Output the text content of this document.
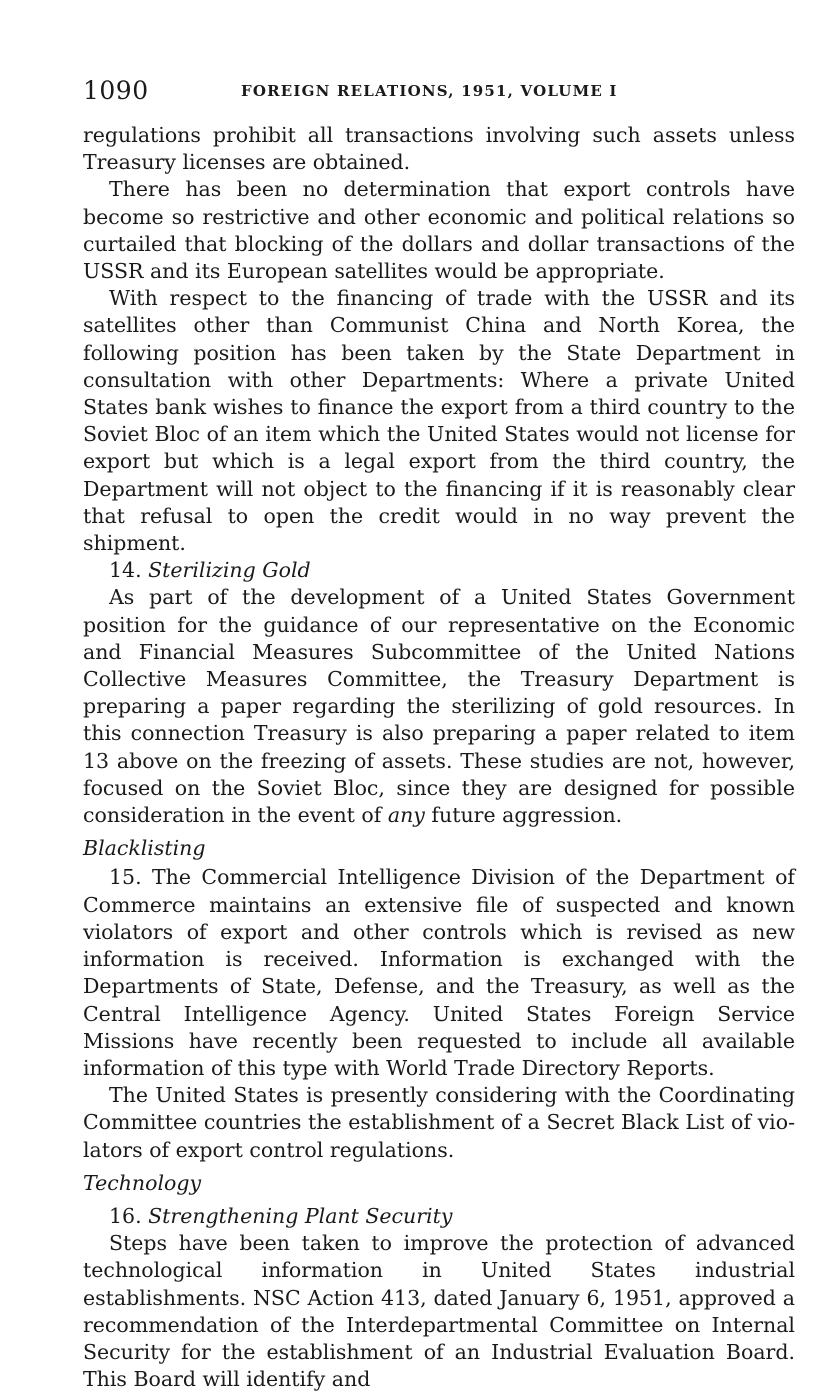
1090	FOREIGN RELATIONS, 1951, VOLUME I

regulations prohibit all transactions involving such assets unless Treasury licenses are obtained.

There has been no determination that export controls have become so restrictive and other economic and political relations so curtailed that blocking of the dollars and dollar transactions of the USSR and its European satellites would be appropriate.

With respect to the financing of trade with the USSR and its satellites other than Communist China and North Korea, the following position has been taken by the State Department in consultation with other Departments: Where a private United States bank wishes to finance the export from a third country to the Soviet Bloc of an item which the United States would not license for export but which is a legal export from the third country, the Department will not object to the financing if it is reasonably clear that refusal to open the credit would in no way prevent the shipment.

14. Sterilizing Gold

As part of the development of a United States Government position for the guidance of our representative on the Economic and Financial Measures Subcommittee of the United Nations Collective Measures Committee, the Treasury Department is preparing a paper regarding the sterilizing of gold resources. In this connection Treasury is also preparing a paper related to item 13 above on the freezing of assets. These studies are not, however, focused on the Soviet Bloc, since they are designed for possible consideration in the event of any future aggression.

Blacklisting

15. The Commercial Intelligence Division of the Department of Commerce maintains an extensive file of suspected and known violators of export and other controls which is revised as new information is received. Information is exchanged with the Departments of State, Defense, and the Treasury, as well as the Central Intelligence Agency. United States Foreign Service Missions have recently been requested to include all available information of this type with World Trade Directory Reports.

The United States is presently considering with the Coordinating Committee countries the establishment of a Secret Black List of violators of export control regulations.

Technology

16. Strengthening Plant Security

Steps have been taken to improve the protection of advanced technological information in United States industrial establishments. NSC Action 413, dated January 6, 1951, approved a recommendation of the Interdepartmental Committee on Internal Security for the establishment of an Industrial Evaluation Board. This Board will identify and
